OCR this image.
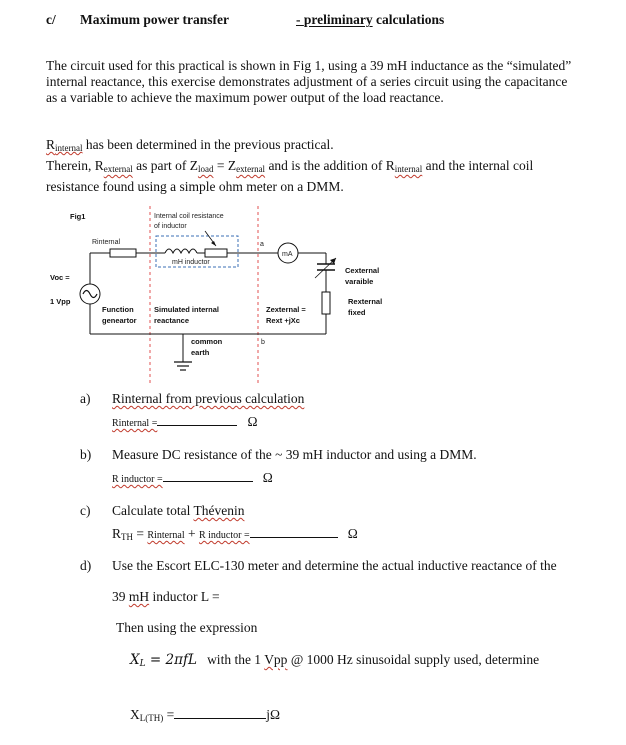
c/ Maximum power transfer	- preliminary calculations
The circuit used for this practical is shown in Fig 1, using a 39 mH inductance as the “simulated”
internal reactance, this exercise demonstrates adjustment of a series circuit using the capacitance
as a variable to achieve the maximum power output of the load reactance.
$R_{internal}$ has been determined in the previous practical.
Therein, $R_{external}$ as part of $Z_{load} = Z_{external}$ and is the addition of $R_{internal}$ and the internal coil
resistance found using a simple ohm meter on a DMM.
Fig1	Internal coil resistance
of inductor
Rinternal
mH inductor
a
mA
Cexternal
varaible
Rexternal
fixed
Voc =
1 Vpp
Function
geneartor
Simulated internal
reactance
Zexternal =
Rext +jXc
b
common
earth
a) Rinternal from previous calculation
Rinternal =	Ω
b) Measure DC resistance of the ~ 39 mH inductor and using a DMM.
R inductor =	Ω
c) Calculate total Thévenin
$R_{TH}$ = Rinternal + R inductor =	Ω
d) Use the Escort ELC-130 meter and determine the actual inductive reactance of the
39 mH inductor L =
Then using the expression
$X_L = 2\pi fL$ with the 1 Vpp @ 1000 Hz sinusoidal supply used, determine
$X_{L(TH)}$ =	jΩ
